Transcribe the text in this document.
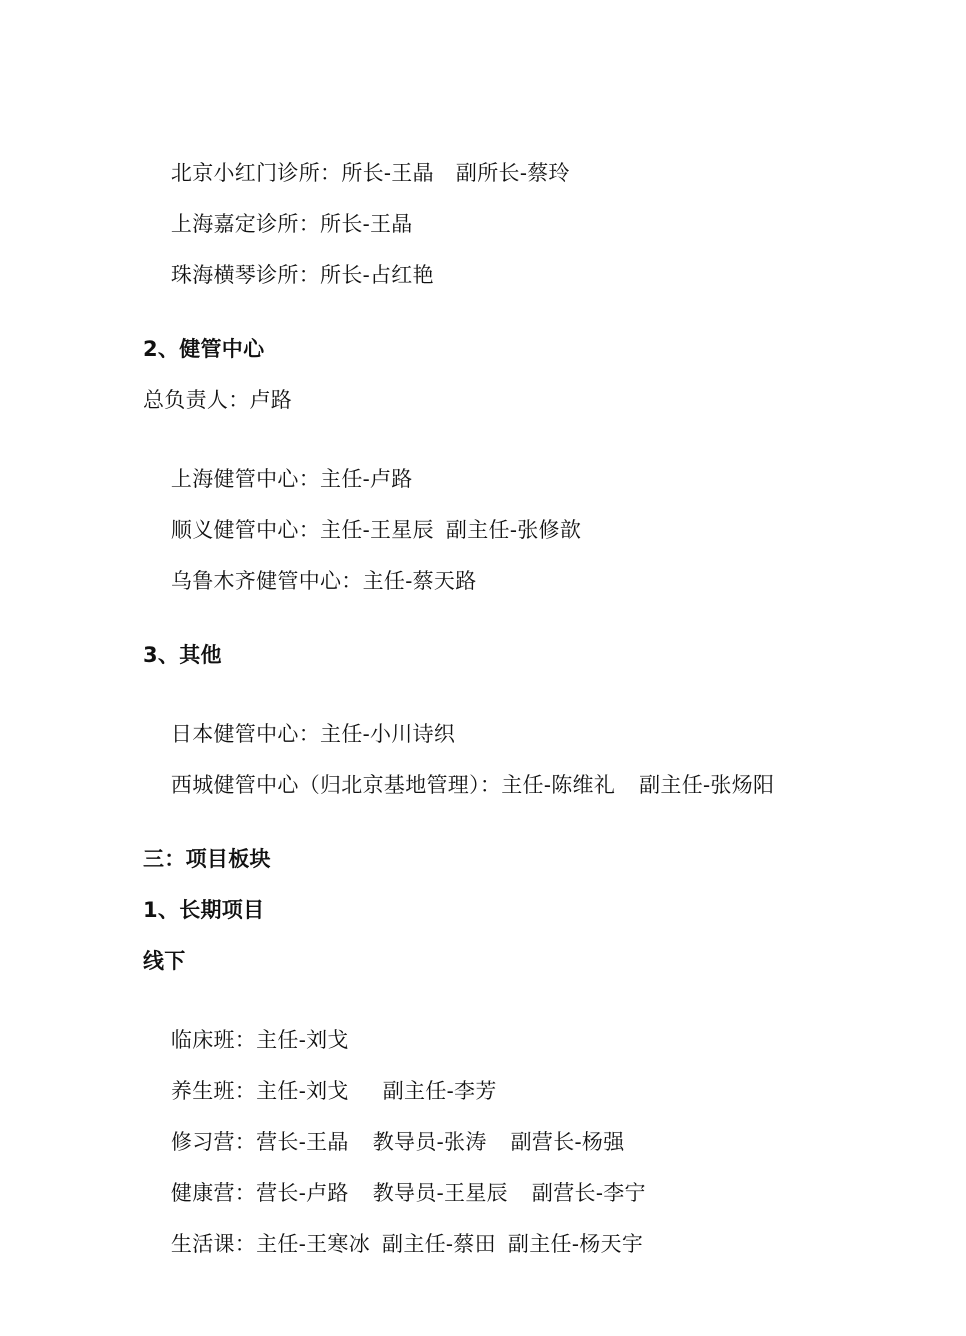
北京小红门诊所：所长-王晶 副所长-蔡玲

上海嘉定诊所：所长-王晶

珠海横琴诊所：所长-占红艳

2、健管中心
总负责人：卢路

上海健管中心：主任-卢路

顺义健管中心：主任-王星辰 副主任-张修歆

乌鲁木齐健管中心：主任-蔡天路

3、其他

日本健管中心：主任-小川诗织

西城健管中心（归北京基地管理）：主任-陈维礼 副主任-张炀阳

三：项目板块
1、长期项目
线下

临床班：主任-刘戈

养生班：主任-刘戈 副主任-李芳

修习营：营长-王晶 教导员-张涛 副营长-杨强

健康营：营长-卢路 教导员-王星辰 副营长-李宁

生活课：主任-王寒冰 副主任-蔡田 副主任-杨天宇
